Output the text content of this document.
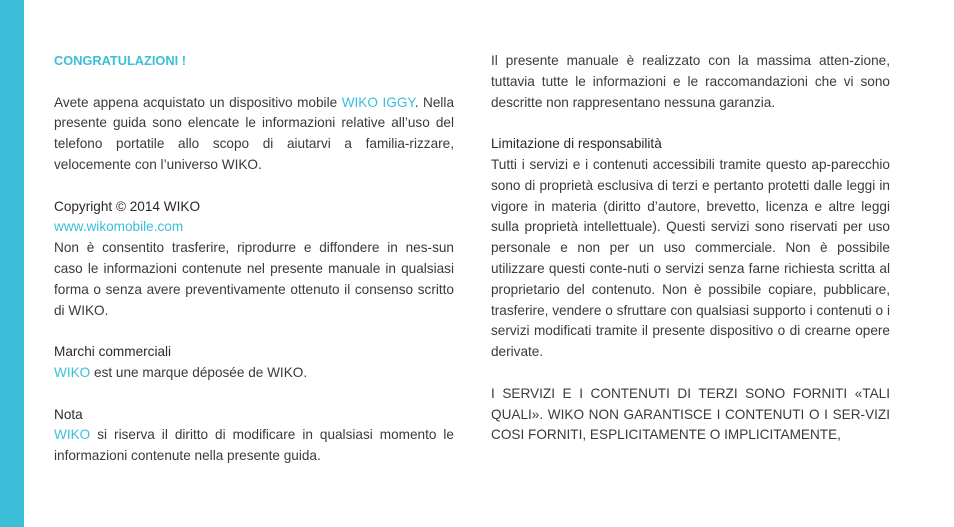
CONGRATULAZIONI !

Avete appena acquistato un dispositivo mobile WIKO IGGY. Nella presente guida sono elencate le informazioni relative all’uso del telefono portatile allo scopo di aiutarvi a familia-rizzare, velocemente con l’universo WIKO.

Copyright © 2014 WIKO

www.wikomobile.com

Non è consentito trasferire, riprodurre e diffondere in nes-sun caso le informazioni contenute nel presente manuale in qualsiasi forma o senza avere preventivamente ottenuto il consenso scritto di WIKO.

Marchi commerciali

WIKO est une marque déposée de WIKO.

Nota

WIKO si riserva il diritto di modificare in qualsiasi momento le informazioni contenute nella presente guida.

Il presente manuale è realizzato con la massima atten-zione, tuttavia tutte le informazioni e le raccomandazioni che vi sono descritte non rappresentano nessuna garanzia.

Limitazione di responsabilità

Tutti i servizi e i contenuti accessibili tramite questo ap-parecchio sono di proprietà esclusiva di terzi e pertanto protetti dalle leggi in vigore in materia (diritto d’autore, brevetto, licenza e altre leggi sulla proprietà intellettuale). Questi servizi sono riservati per uso personale e non per un uso commerciale. Non è possibile utilizzare questi conte-nuti o servizi senza farne richiesta scritta al proprietario del contenuto. Non è possibile copiare, pubblicare, trasferire, vendere o sfruttare con qualsiasi supporto i contenuti o i servizi modificati tramite il presente dispositivo o di crearne opere derivate.

I SERVIZI E I CONTENUTI DI TERZI SONO FORNITI «TALI QUALI». WIKO NON GARANTISCE I CONTENUTI O I SER-VIZI COSI FORNITI, ESPLICITAMENTE O IMPLICITAMENTE,
